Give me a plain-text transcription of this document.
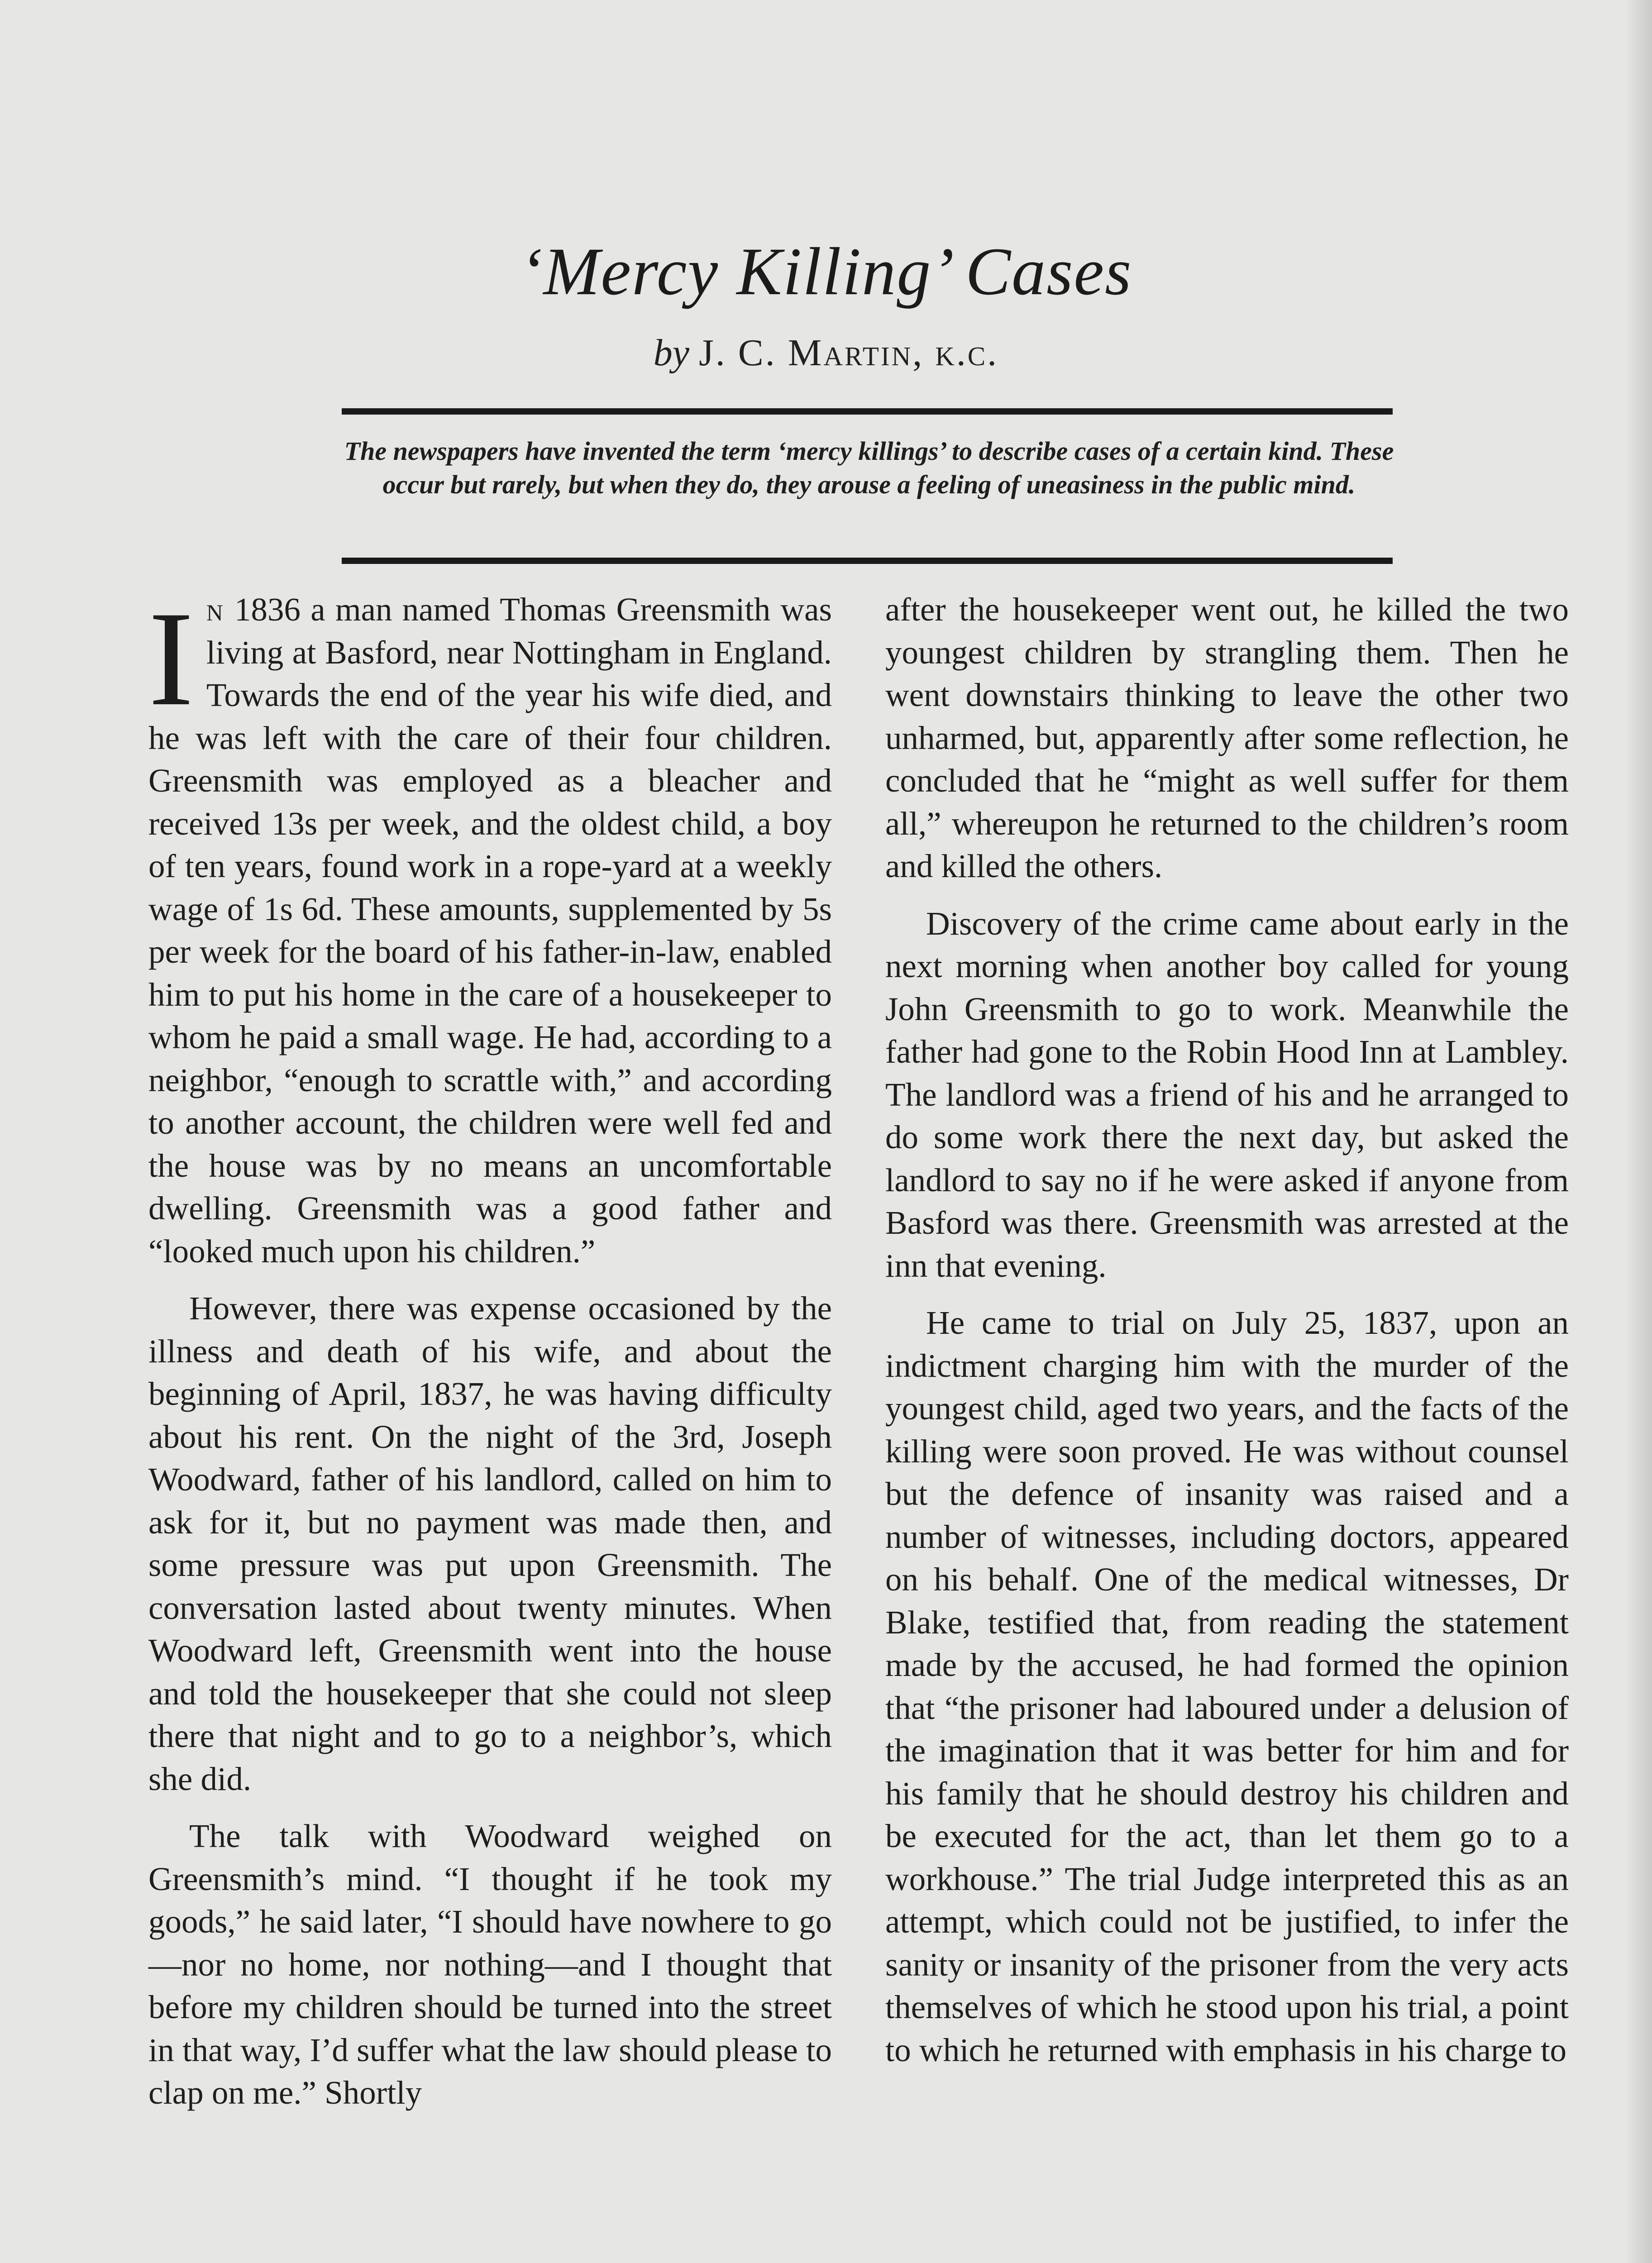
‘Mercy Killing’ Cases
by J. C. Martin, k.c.
The newspapers have invented the term ‘mercy killings’ to describe cases of a certain kind. These occur but rarely, but when they do, they arouse a feeling of uneasiness in the public mind.

In 1836 a man named Thomas Greensmith was living at Basford, near Nottingham in England. Towards the end of the year his wife died, and he was left with the care of their four children. Greensmith was employed as a bleacher and received 13s per week, and the oldest child, a boy of ten years, found work in a rope-yard at a weekly wage of 1s 6d. These amounts, supplemented by 5s per week for the board of his father-in-law, enabled him to put his home in the care of a housekeeper to whom he paid a small wage. He had, according to a neighbor, “enough to scrattle with,” and according to another account, the children were well fed and the house was by no means an uncomfortable dwelling. Greensmith was a good father and “looked much upon his children.”

However, there was expense occasioned by the illness and death of his wife, and about the beginning of April, 1837, he was having difficulty about his rent. On the night of the 3rd, Joseph Woodward, father of his landlord, called on him to ask for it, but no payment was made then, and some pressure was put upon Greensmith. The conversation lasted about twenty minutes. When Woodward left, Greensmith went into the house and told the housekeeper that she could not sleep there that night and to go to a neighbor’s, which she did.

The talk with Woodward weighed on Greensmith’s mind. “I thought if he took my goods,” he said later, “I should have nowhere to go—nor no home, nor nothing—and I thought that before my children should be turned into the street in that way, I’d suffer what the law should please to clap on me.” Shortly

after the housekeeper went out, he killed the two youngest children by strangling them. Then he went downstairs thinking to leave the other two unharmed, but, apparently after some reflection, he concluded that he “might as well suffer for them all,” whereupon he returned to the children’s room and killed the others.

Discovery of the crime came about early in the next morning when another boy called for young John Greensmith to go to work. Meanwhile the father had gone to the Robin Hood Inn at Lambley. The landlord was a friend of his and he arranged to do some work there the next day, but asked the landlord to say no if he were asked if anyone from Basford was there. Greensmith was arrested at the inn that evening.

He came to trial on July 25, 1837, upon an indictment charging him with the murder of the youngest child, aged two years, and the facts of the killing were soon proved. He was without counsel but the defence of insanity was raised and a number of witnesses, including doctors, appeared on his behalf. One of the medical witnesses, Dr Blake, testified that, from reading the statement made by the accused, he had formed the opinion that “the prisoner had laboured under a delusion of the imagination that it was better for him and for his family that he should destroy his children and be executed for the act, than let them go to a workhouse.” The trial Judge interpreted this as an attempt, which could not be justified, to infer the sanity or insanity of the prisoner from the very acts themselves of which he stood upon his trial, a point to which he returned with emphasis in his charge to
